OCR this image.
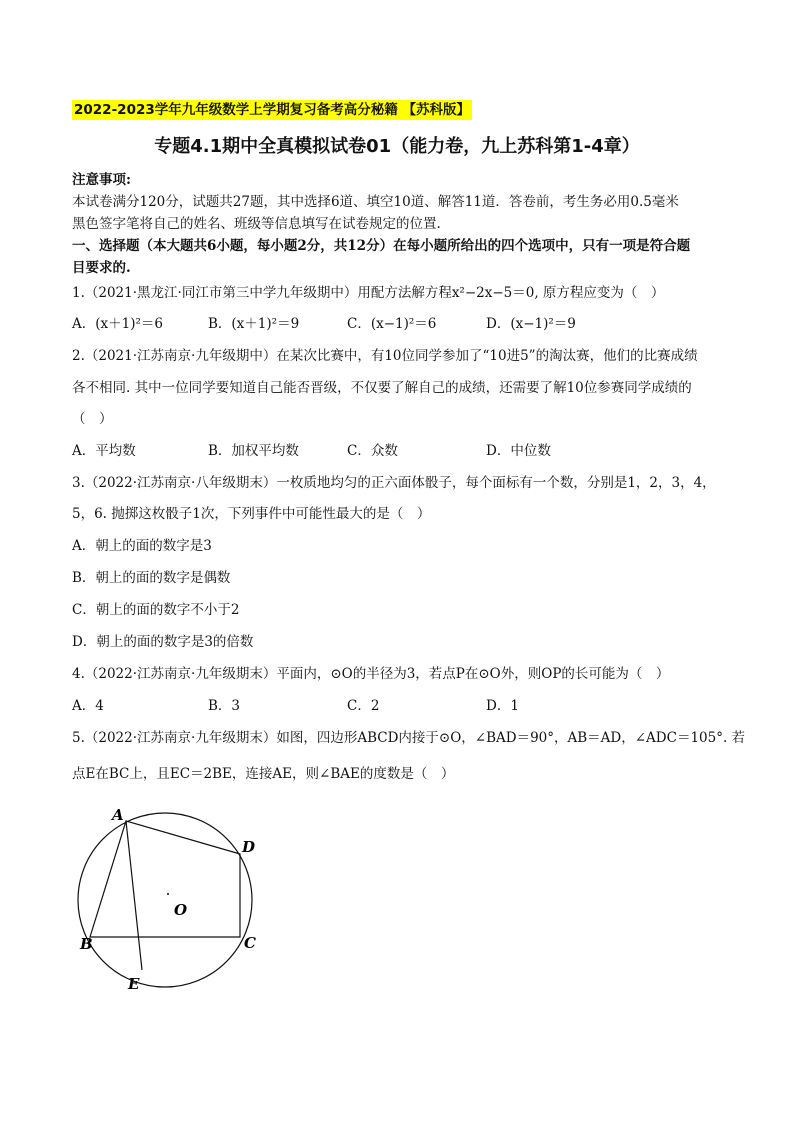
2022-2023学年九年级数学上学期复习备考高分秘籍 【苏科版】
专题4.1期中全真模拟试卷01（能力卷，九上苏科第1-4章）
注意事项:
本试卷满分120分，试题共27题，其中选择6道、填空10道、解答11道．答卷前，考生务必用0.5毫米
黑色签字笔将自己的姓名、班级等信息填写在试卷规定的位置.
一、选择题（本大题共6小题，每小题2分，共12分）在每小题所给出的四个选项中，只有一项是符合题
目要求的.
1.（2021·黑龙江·同江市第三中学九年级期中）用配方法解方程x²−2x−5＝0, 原方程应变为（　）
A．(x＋1)²＝6	B．(x＋1)²＝9	C．(x−1)²＝6	D．(x−1)²＝9
2.（2021·江苏南京·九年级期中）在某次比赛中，有10位同学参加了“10进5”的淘汰赛，他们的比赛成绩
各不相同. 其中一位同学要知道自己能否晋级，不仅要了解自己的成绩，还需要了解10位参赛同学成绩的
（　）
A．平均数	B．加权平均数	C．众数	D．中位数
3.（2022·江苏南京·八年级期末）一枚质地均匀的正六面体骰子，每个面标有一个数，分别是1，2，3，4，
5，6. 抛掷这枚骰子1次，下列事件中可能性最大的是（　）
A．朝上的面的数字是3
B．朝上的面的数字是偶数
C．朝上的面的数字不小于2
D．朝上的面的数字是3的倍数
4.（2022·江苏南京·九年级期末）平面内，⊙O的半径为3，若点P在⊙O外，则OP的长可能为（　）
A．4	B．3	C．2	D．1
5.（2022·江苏南京·九年级期末）如图，四边形ABCD内接于⊙O，∠BAD＝90°，AB＝AD，∠ADC＝105°. 若
点E在BC上，且EC＝2BE，连接AE，则∠BAE的度数是（　）
A
D
O
B	C
E
